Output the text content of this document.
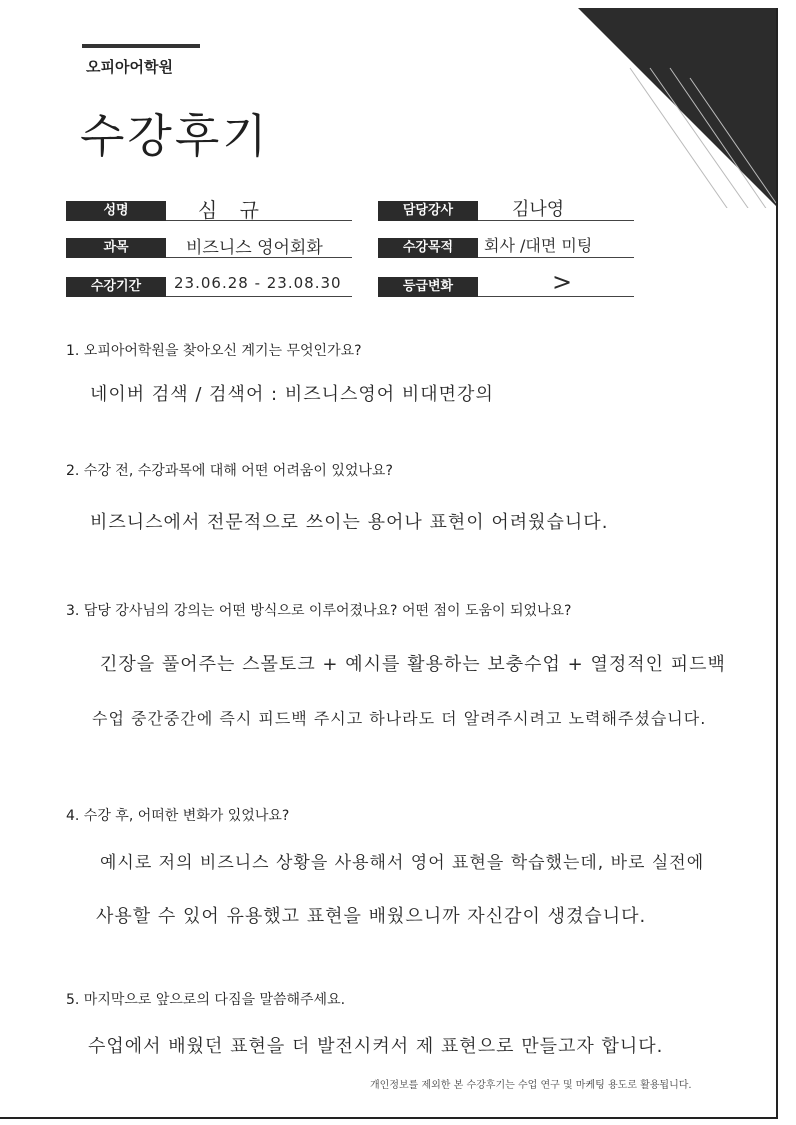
오피아어학원
수강후기
성명	심 규	담당강사	김나영
과목	비즈니스 영어회화	수강목적	회사 /대면 미팅
수강기간	23.06.28 - 23.08.30	등급변화	>
1. 오피아어학원을 찾아오신 계기는 무엇인가요?
네이버 검색 / 검색어 : 비즈니스영어 비대면강의
2. 수강 전, 수강과목에 대해 어떤 어려움이 있었나요?
비즈니스에서 전문적으로 쓰이는 용어나 표현이 어려웠습니다.
3. 담당 강사님의 강의는 어떤 방식으로 이루어졌나요? 어떤 점이 도움이 되었나요?
긴장을 풀어주는 스몰토크 + 예시를 활용하는 보충수업 + 열정적인 피드백
수업 중간중간에 즉시 피드백 주시고 하나라도 더 알려주시려고 노력해주셨습니다.
4. 수강 후, 어떠한 변화가 있었나요?
예시로 저의 비즈니스 상황을 사용해서 영어 표현을 학습했는데, 바로 실전에
사용할 수 있어 유용했고 표현을 배웠으니까 자신감이 생겼습니다.
5. 마지막으로 앞으로의 다짐을 말씀해주세요.
수업에서 배웠던 표현을 더 발전시켜서 제 표현으로 만들고자 합니다.
개인정보를 제외한 본 수강후기는 수업 연구 및 마케팅 용도로 활용됩니다.
